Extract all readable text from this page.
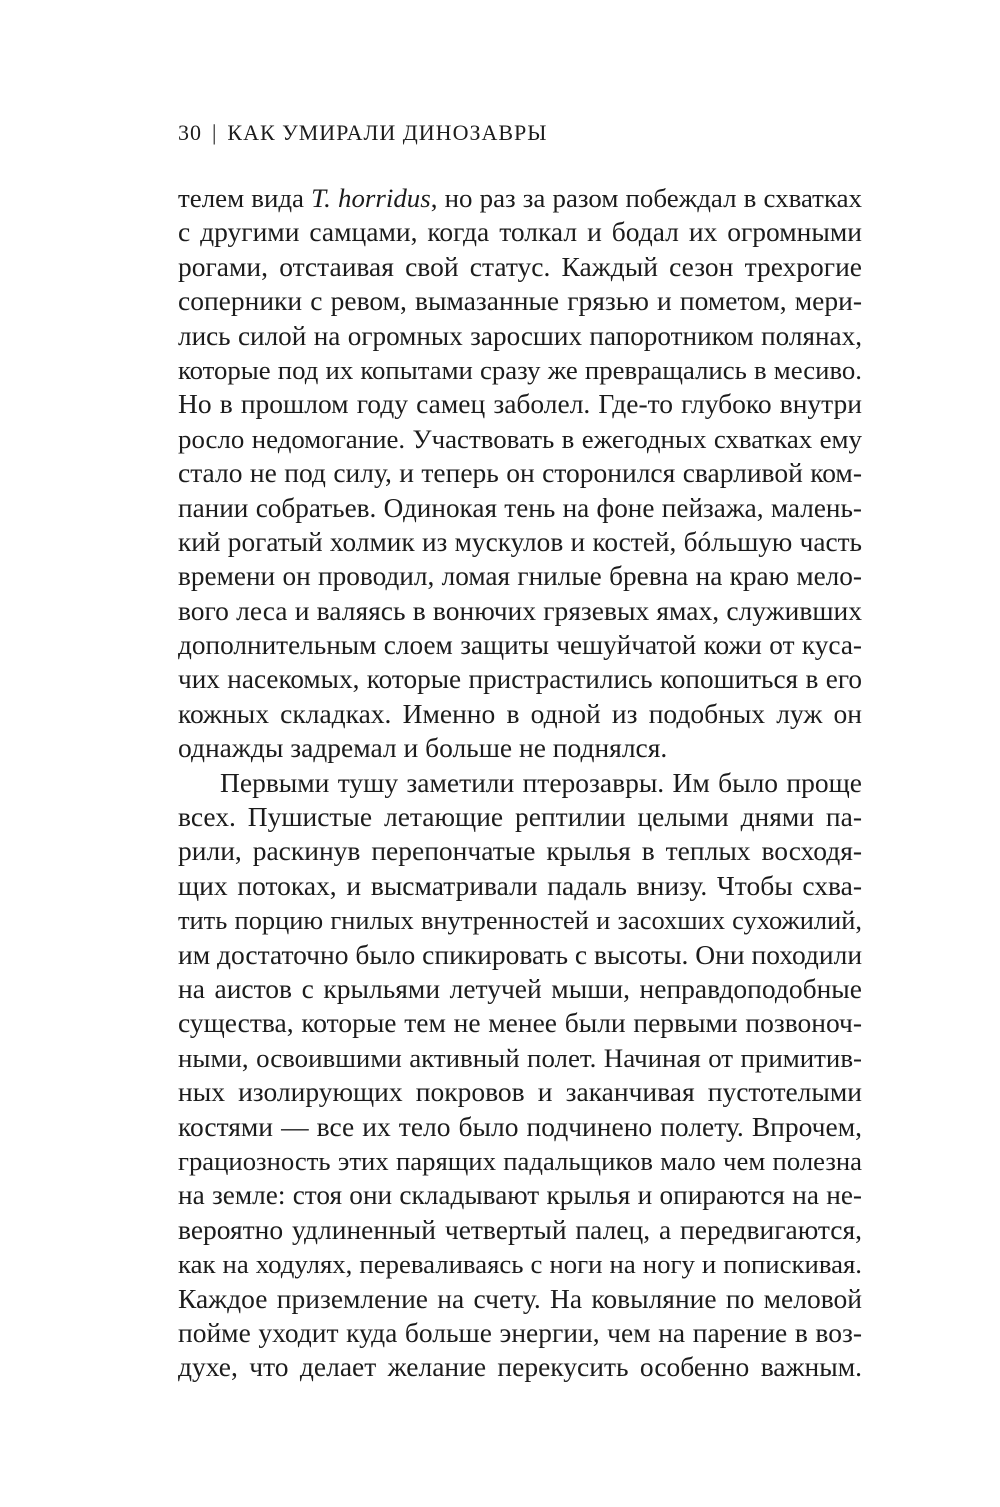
30 | КАК УМИРАЛИ ДИНОЗАВРЫ
телем вида T. horridus, но раз за разом побеждал в схватках
с другими самцами, когда толкал и бодал их огромными
рогами, отстаивая свой статус. Каждый сезон трехрогие
соперники с ревом, вымазанные грязью и пометом, мери-
лись силой на огромных заросших папоротником полянах,
которые под их копытами сразу же превращались в месиво.
Но в прошлом году самец заболел. Где-то глубоко внутри
росло недомогание. Участвовать в ежегодных схватках ему
стало не под силу, и теперь он сторонился сварливой ком-
пании собратьев. Одинокая тень на фоне пейзажа, малень-
кий рогатый холмик из мускулов и костей, бóльшую часть
времени он проводил, ломая гнилые бревна на краю мело-
вого леса и валяясь в вонючих грязевых ямах, служивших
дополнительным слоем защиты чешуйчатой кожи от куса-
чих насекомых, которые пристрастились копошиться в его
кожных складках. Именно в одной из подобных луж он
однажды задремал и больше не поднялся.
Первыми тушу заметили птерозавры. Им было проще
всех. Пушистые летающие рептилии целыми днями па-
рили, раскинув перепончатые крылья в теплых восходя-
щих потоках, и высматривали падаль внизу. Чтобы схва-
тить порцию гнилых внутренностей и засохших сухожилий,
им достаточно было спикировать с высоты. Они походили
на аистов с крыльями летучей мыши, неправдоподобные
существа, которые тем не менее были первыми позвоноч-
ными, освоившими активный полет. Начиная от примитив-
ных изолирующих покровов и заканчивая пустотелыми
костями — все их тело было подчинено полету. Впрочем,
грациозность этих парящих падальщиков мало чем полезна
на земле: стоя они складывают крылья и опираются на не-
вероятно удлиненный четвертый палец, а передвигаются,
как на ходулях, переваливаясь с ноги на ногу и попискивая.
Каждое приземление на счету. На ковыляние по меловой
пойме уходит куда больше энергии, чем на парение в воз-
духе, что делает желание перекусить особенно важным.
